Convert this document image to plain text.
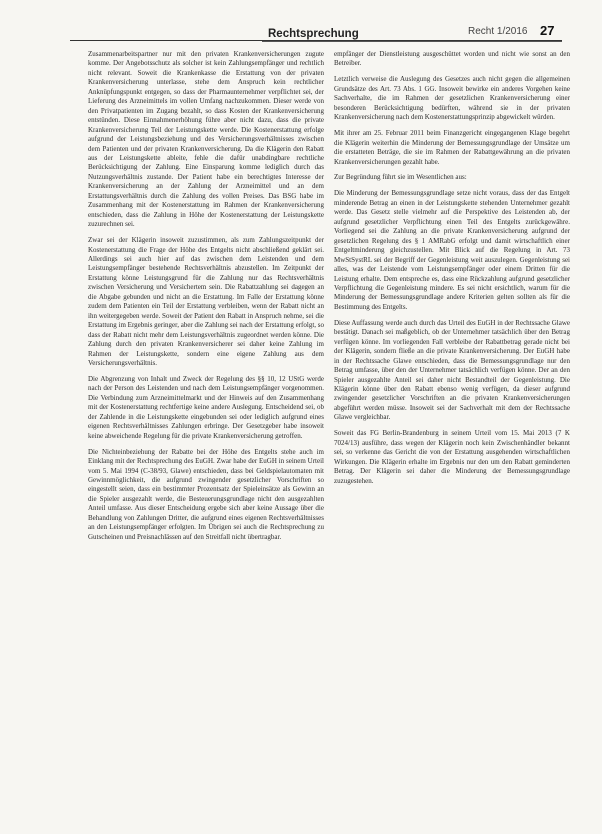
Rechtsprechung	Recht 1/2016 27

Zusammenarbeitspartner nur mit den privaten Krankenversicherungen zugute komme. Der Angebotsschutz als solcher ist kein Zahlungsempfänger und rechtlich nicht relevant. Soweit die Krankenkasse die Erstattung von der privaten Krankenversicherung unterlasse, stehe dem Anspruch kein rechtlicher Anknüpfungspunkt entgegen, so dass der Pharmaunternehmer verpflichtet sei, der Lieferung des Arzneimittels im vollen Umfang nachzukommen. Dieser werde von den Privatpatienten im Zugang bezahlt, so dass Kosten der Krankenversicherung entstünden. Diese Einnahmenerhöhung führe aber nicht dazu, dass die private Krankenversicherung Teil der Leistungskette werde. Die Kostenerstattung erfolge aufgrund der Leistungsbeziehung und des Versicherungsverhältnisses zwischen dem Patienten und der privaten Krankenversicherung. Da die Klägerin den Rabatt aus der Leistungskette ableite, fehle die dafür unabdingbare rechtliche Berücksichtigung der Zahlung. Eine Einsparung komme lediglich durch das Nutzungsverhältnis zustande. Der Patient habe ein berechtigtes Interesse der Krankenversicherung an der Zahlung der Arzneimittel und an dem Erstattungsverhältnis durch die Zahlung des vollen Preises. Das BSG habe im Zusammenhang mit der Kostenerstattung im Rahmen der Krankenversicherung entschieden, dass die Zahlung in Höhe der Kostenerstattung der Leistungskette zuzurechnen sei.

Zwar sei der Klägerin insoweit zuzustimmen, als zum Zahlungszeitpunkt der Kostenerstattung die Frage der Höhe des Entgelts nicht abschließend geklärt sei. Allerdings sei auch hier auf das zwischen dem Leistenden und dem Leistungsempfänger bestehende Rechtsverhältnis abzustellen. Im Zeitpunkt der Erstattung könne Leistungsgrund für die Zahlung nur das Rechtsverhältnis zwischen Versicherung und Versichertem sein. Die Rabattzahlung sei dagegen an die Abgabe gebunden und nicht an die Erstattung. Im Falle der Erstattung könne zudem dem Patienten ein Teil der Erstattung verbleiben, wenn der Rabatt nicht an ihn weitergegeben werde. Soweit der Patient den Rabatt in Anspruch nehme, sei die Erstattung im Ergebnis geringer, aber die Zahlung sei nach der Erstattung erfolgt, so dass der Rabatt nicht mehr dem Leistungsverhältnis zugeordnet werden könne. Die Zahlung durch den privaten Krankenversicherer sei daher keine Zahlung im Rahmen der Leistungskette, sondern eine eigene Zahlung aus dem Versicherungsverhältnis.

Die Abgrenzung von Inhalt und Zweck der Regelung des §§ 10, 12 UStG werde nach der Person des Leistenden und nach dem Leistungsempfänger vorgenommen. Die Verbindung zum Arzneimittelmarkt und der Hinweis auf den Zusammenhang mit der Kostenerstattung rechtfertige keine andere Auslegung. Entscheidend sei, ob der Zahlende in die Leistungskette eingebunden sei oder lediglich aufgrund eines eigenen Rechtsverhältnisses Zahlungen erbringe. Der Gesetzgeber habe insoweit keine abweichende Regelung für die private Krankenversicherung getroffen.

Die Nichteinbeziehung der Rabatte bei der Höhe des Entgelts stehe auch im Einklang mit der Rechtsprechung des EuGH. Zwar habe der EuGH in seinem Urteil vom 5. Mai 1994 (C-38/93, Glawe) entschieden, dass bei Geldspielautomaten mit Gewinnmöglichkeit, die aufgrund zwingender gesetzlicher Vorschriften so eingestellt seien, dass ein bestimmter Prozentsatz der Spieleinsätze als Gewinn an die Spieler ausgezahlt werde, die Besteuerungsgrundlage nicht den ausgezahlten Anteil umfasse. Aus dieser Entscheidung ergebe sich aber keine Aussage über die Behandlung von Zahlungen Dritter, die aufgrund eines eigenen Rechtsverhältnisses an den Leistungsempfänger erfolgten. Im Übrigen sei auch die Rechtsprechung zu Gutscheinen und Preisnachlässen auf den Streitfall nicht übertragbar.

empfänger der Dienstleistung ausgeschüttet worden und nicht wie sonst an den Betreiber.

Letztlich verweise die Auslegung des Gesetzes auch nicht gegen die allgemeinen Grundsätze des Art. 73 Abs. 1 GG. Insoweit bewirke ein anderes Vorgehen keine Sachverhalte, die im Rahmen der gesetzlichen Krankenversicherung einer besonderen Berücksichtigung bedürften, während sie in der privaten Krankenversicherung nach dem Kostenerstattungsprinzip abgewickelt würden.

Mit ihrer am 25. Februar 2011 beim Finanzgericht eingegangenen Klage begehrt die Klägerin weiterhin die Minderung der Bemessungsgrundlage der Umsätze um die erstatteten Beträge, die sie im Rahmen der Rabattgewährung an die privaten Krankenversicherungen gezahlt habe.

Zur Begründung führt sie im Wesentlichen aus:

Die Minderung der Bemessungsgrundlage setze nicht voraus, dass der das Entgelt minderende Betrag an einen in der Leistungskette stehenden Unternehmer gezahlt werde. Das Gesetz stelle vielmehr auf die Perspektive des Leistenden ab, der aufgrund gesetzlicher Verpflichtung einen Teil des Entgelts zurückgewähre. Vorliegend sei die Zahlung an die private Krankenversicherung aufgrund der gesetzlichen Regelung des § 1 AMRabG erfolgt und damit wirtschaftlich einer Entgeltminderung gleichzustellen. Mit Blick auf die Regelung in Art. 73 MwStSystRL sei der Begriff der Gegenleistung weit auszulegen. Gegenleistung sei alles, was der Leistende vom Leistungsempfänger oder einem Dritten für die Leistung erhalte. Dem entspreche es, dass eine Rückzahlung aufgrund gesetzlicher Verpflichtung die Gegenleistung mindere. Es sei nicht ersichtlich, warum für die Minderung der Bemessungsgrundlage andere Kriterien gelten sollten als für die Bestimmung des Entgelts.

Diese Auffassung werde auch durch das Urteil des EuGH in der Rechtssache Glawe bestätigt. Danach sei maßgeblich, ob der Unternehmer tatsächlich über den Betrag verfügen könne. Im vorliegenden Fall verbleibe der Rabattbetrag gerade nicht bei der Klägerin, sondern fließe an die private Krankenversicherung. Der EuGH habe in der Rechtssache Glawe entschieden, dass die Bemessungsgrundlage nur den Betrag umfasse, über den der Unternehmer tatsächlich verfügen könne. Der an den Spieler ausgezahlte Anteil sei daher nicht Bestandteil der Gegenleistung. Die Klägerin könne über den Rabatt ebenso wenig verfügen, da dieser aufgrund zwingender gesetzlicher Vorschriften an die privaten Krankenversicherungen abgeführt werden müsse. Insoweit sei der Sachverhalt mit dem der Rechtssache Glawe vergleichbar.

Soweit das FG Berlin-Brandenburg in seinem Urteil vom 15. Mai 2013 (7 K 7024/13) ausführe, dass wegen der Klägerin noch kein Zwischenhändler bekannt sei, so verkenne das Gericht die von der Erstattung ausgehenden wirtschaftlichen Wirkungen. Die Klägerin erhalte im Ergebnis nur den um den Rabatt geminderten Betrag. Der Klägerin sei daher die Minderung der Bemessungsgrundlage zuzugestehen.
